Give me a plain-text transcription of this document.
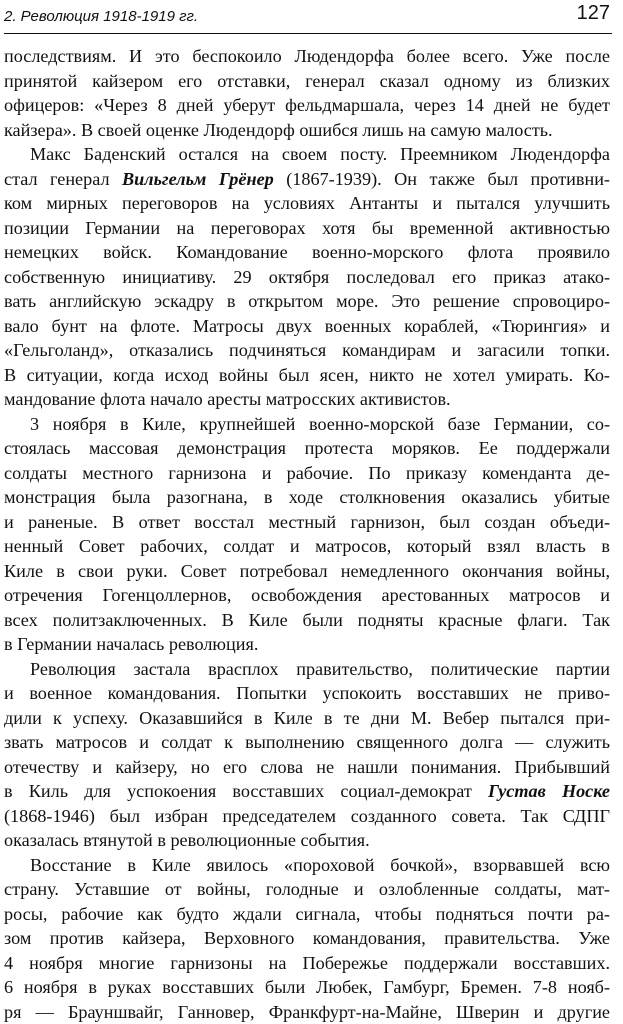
2. Революция 1918-1919 гг.	127
последствиям. И это беспокоило Людендорфа более всего. Уже после
принятой кайзером его отставки, генерал сказал одному из близких
офицеров: «Через 8 дней уберут фельдмаршала, через 14 дней не будет
кайзера». В своей оценке Людендорф ошибся лишь на самую малость.
Макс Баденский остался на своем посту. Преемником Людендорфа
стал генерал Вильгельм Грёнер (1867-1939). Он также был противни-
ком мирных переговоров на условиях Антанты и пытался улучшить
позиции Германии на переговорах хотя бы временной активностью
немецких войск. Командование военно-морского флота проявило
собственную инициативу. 29 октября последовал его приказ атако-
вать английскую эскадру в открытом море. Это решение спровоциро-
вало бунт на флоте. Матросы двух военных кораблей, «Тюрингия» и
«Гельголанд», отказались подчиняться командирам и загасили топки.
В ситуации, когда исход войны был ясен, никто не хотел умирать. Ко-
мандование флота начало аресты матросских активистов.
3 ноября в Киле, крупнейшей военно-морской базе Германии, со-
стоялась массовая демонстрация протеста моряков. Ее поддержали
солдаты местного гарнизона и рабочие. По приказу коменданта де-
монстрация была разогнана, в ходе столкновения оказались убитые
и раненые. В ответ восстал местный гарнизон, был создан объеди-
ненный Совет рабочих, солдат и матросов, который взял власть в
Киле в свои руки. Совет потребовал немедленного окончания войны,
отречения Гогенцоллернов, освобождения арестованных матросов и
всех политзаключенных. В Киле были подняты красные флаги. Так
в Германии началась революция.
Революция застала врасплох правительство, политические партии
и военное командования. Попытки успокоить восставших не приво-
дили к успеху. Оказавшийся в Киле в те дни М. Вебер пытался при-
звать матросов и солдат к выполнению священного долга — служить
отечеству и кайзеру, но его слова не нашли понимания. Прибывший
в Киль для успокоения восставших социал-демократ Густав Носке
(1868-1946) был избран председателем созданного совета. Так СДПГ
оказалась втянутой в революционные события.
Восстание в Киле явилось «пороховой бочкой», взорвавшей всю
страну. Уставшие от войны, голодные и озлобленные солдаты, мат-
росы, рабочие как будто ждали сигнала, чтобы подняться почти ра-
зом против кайзера, Верховного командования, правительства. Уже
4 ноября многие гарнизоны на Побережье поддержали восставших.
6 ноября в руках восставших были Любек, Гамбург, Бремен. 7-8 нояб-
ря — Брауншвайг, Ганновер, Франкфурт-на-Майне, Шверин и другие
